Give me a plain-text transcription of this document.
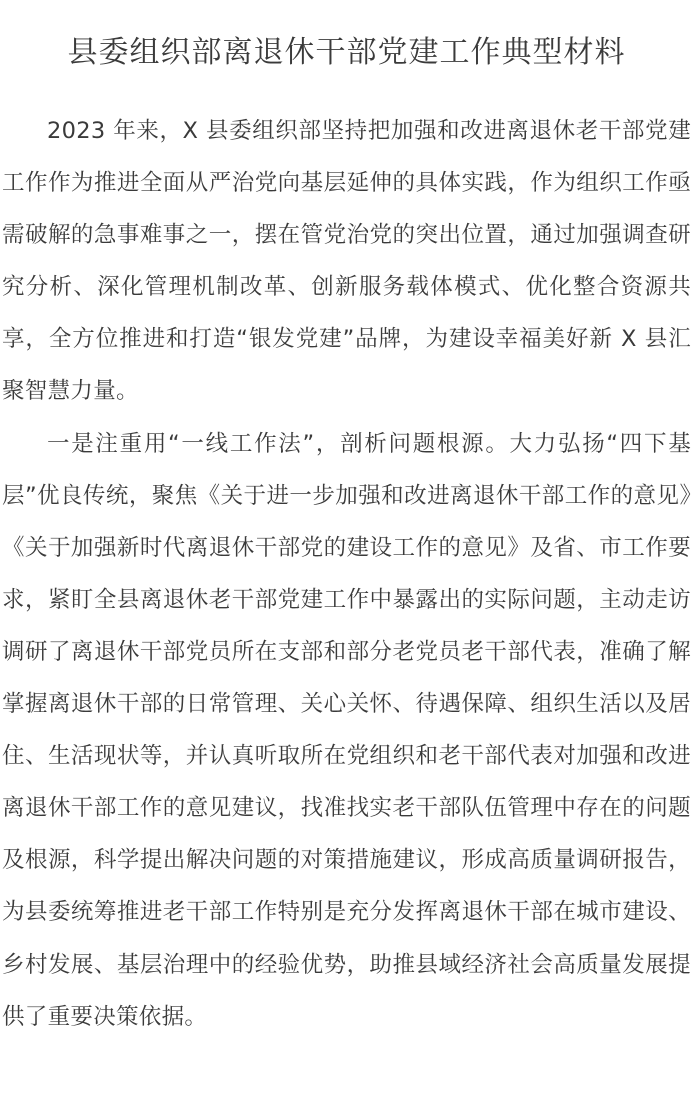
县委组织部离退休干部党建工作典型材料

2023 年来，X 县委组织部坚持把加强和改进离退休老干部党建工作作为推进全面从严治党向基层延伸的具体实践，作为组织工作亟需破解的急事难事之一，摆在管党治党的突出位置，通过加强调查研究分析、深化管理机制改革、创新服务载体模式、优化整合资源共享，全方位推进和打造“银发党建”品牌，为建设幸福美好新 X 县汇聚智慧力量。

一是注重用“一线工作法”，剖析问题根源。大力弘扬“四下基层”优良传统，聚焦《关于进一步加强和改进离退休干部工作的意见》《关于加强新时代离退休干部党的建设工作的意见》及省、市工作要求，紧盯全县离退休老干部党建工作中暴露出的实际问题，主动走访调研了离退休干部党员所在支部和部分老党员老干部代表，准确了解掌握离退休干部的日常管理、关心关怀、待遇保障、组织生活以及居住、生活现状等，并认真听取所在党组织和老干部代表对加强和改进离退休干部工作的意见建议，找准找实老干部队伍管理中存在的问题及根源，科学提出解决问题的对策措施建议，形成高质量调研报告，为县委统筹推进老干部工作特别是充分发挥离退休干部在城市建设、乡村发展、基层治理中的经验优势，助推县域经济社会高质量发展提供了重要决策依据。
